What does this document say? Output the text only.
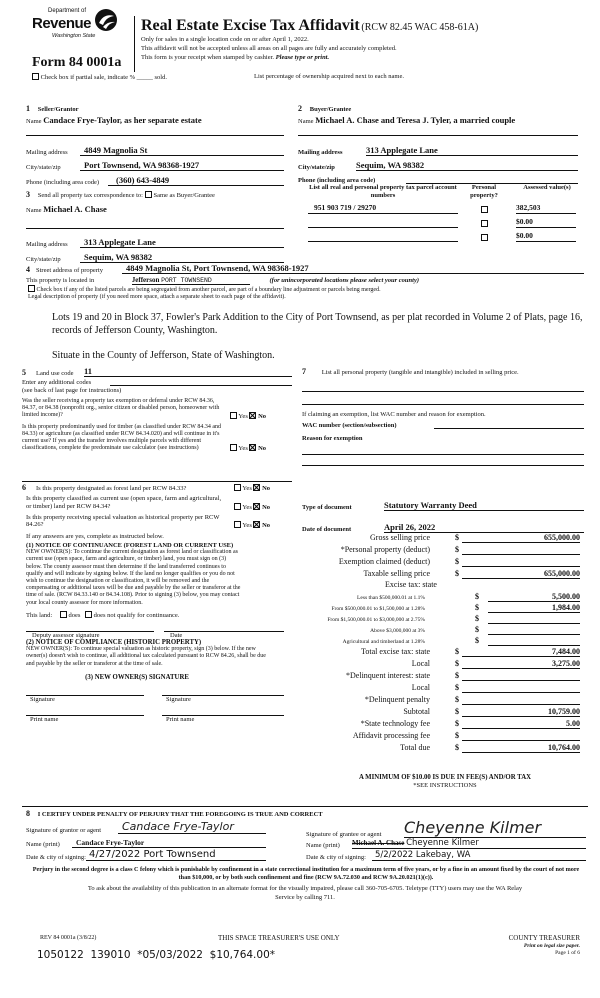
Department of
Revenue
Washington State
Form 84 0001a
Real Estate Excise Tax Affidavit (RCW 82.45 WAC 458-61A)
Only for sales in a single location code on or after April 1, 2022.
This affidavit will not be accepted unless all areas on all pages are fully and accurately completed.
This form is your receipt when stamped by cashier. Please type or print.
Check box if partial sale, indicate % _____ sold.	List percentage of ownership acquired next to each name.
1 Seller/Grantor
Name Candace Frye-Taylor, as her separate estate
Mailing address	4849 Magnolia St
City/state/zip	Port Townsend, WA 98368-1927
Phone (including area code)	(360) 643-4849
3 Send all property tax correspondence to: Same as Buyer/Grantee
Name Michael A. Chase
Mailing address	313 Applegate Lane
City/state/zip	Sequim, WA 98382
2 Buyer/Grantee
Name Michael A. Chase and Teresa J. Tyler, a married couple
Mailing address	313 Applegate Lane
City/state/zip	Sequim, WA 98382
Phone (including area code)
List all real and personal property tax parcel account numbers
Personal property?
Assessed value(s)
951 903 719 / 29270	382,503
$0.00
$0.00
4 Street address of property	4849 Magnolia St, Port Townsend, WA 98368-1927
This property is located in	Jefferson PORT TOWNSEND	(for unincorporated locations please select your county)
Check box if any of the listed parcels are being segregated from another parcel, are part of a boundary line adjustment or parcels being merged.
Legal description of property (if you need more space, attach a separate sheet to each page of the affidavit).
Lots 19 and 20 in Block 37, Fowler's Park Addition to the City of Port Townsend, as per plat recorded in Volume 2 of Plats, page 16, records of Jefferson County, Washington.
Situate in the County of Jefferson, State of Washington.
5	Land use code	11
Enter any additional codes
(see back of last page for instructions)
Was the seller receiving a property tax exemption or deferral under RCW 84.36, 84.37, or 84.38 (nonprofit org., senior citizen or disabled person, homeowner with limited income)?	Yes No
Is this property predominantly used for timber (as classified under RCW 84.34 and 84.33) or agriculture (as classified under RCW 84.34.020) and will continue in it's current use? If yes and the transfer involves multiple parcels with different classifications, complete the predominate use calculator (see instructions)	Yes No
6	Is this property designated as forest land per RCW 84.33?	Yes No
Is this property classified as current use (open space, farm and agricultural, or timber) land per RCW 84.34?	Yes No
Is this property receiving special valuation as historical property per RCW 84.26?	Yes No
If any answers are yes, complete as instructed below.
(1) NOTICE OF CONTINUANCE (FOREST LAND OR CURRENT USE)
NEW OWNER(S): To continue the current designation as forest land or classification as current use (open space, farm and agriculture, or timber) land, you must sign on (3) below. The county assessor must then determine if the land transferred continues to qualify and will indicate by signing below. If the land no longer qualifies or you do not wish to continue the designation or classification, it will be removed and the compensating or additional taxes will be due and payable by the seller or transferor at the time of sale. (RCW 84.33.140 or 84.34.108). Prior to signing (3) below, you may contact your local county assessor for more information.
This land:	does does not qualify for continuance.
Deputy assessor signature	Date
(2) NOTICE OF COMPLIANCE (HISTORIC PROPERTY)
NEW OWNER(S): To continue special valuation as historic property, sign (3) below. If the new owner(s) doesn't wish to continue, all additional tax calculated pursuant to RCW 84.26, shall be due and payable by the seller or transferor at the time of sale.
(3) NEW OWNER(S) SIGNATURE
Signature	Signature
Print name	Print name
7 List all personal property (tangible and intangible) included in selling price.
If claiming an exemption, list WAC number and reason for exemption.
WAC number (section/subsection)
Reason for exemption
Type of document	Statutory Warranty Deed
Date of document	April 26, 2022
Gross selling price	$	655,000.00
*Personal property (deduct)	$
Exemption claimed (deduct)	$
Taxable selling price	$	655,000.00
Excise tax: state
Less than $500,000.01 at 1.1%	$	5,500.00
From $500,000.01 to $1,500,000 at 1.28%	$	1,984.00
From $1,500,000.01 to $3,000,000 at 2.75%	$
Above $3,000,000 at 3%	$
Agricultural and timberland at 1.28%	$
Total excise tax: state	$	7,484.00
Local	$	3,275.00
*Delinquent interest: state	$
Local	$
*Delinquent penalty	$
Subtotal	$	10,759.00
*State technology fee	$	5.00
Affidavit processing fee	$
Total due	$	10,764.00
A MINIMUM OF $10.00 IS DUE IN FEE(S) AND/OR TAX
*SEE INSTRUCTIONS
8 I CERTIFY UNDER PENALTY OF PERJURY THAT THE FOREGOING IS TRUE AND CORRECT
Signature of grantor or agent	Candace Frye-Taylor
Name (print)	Candace Frye-Taylor
Date & city of signing: 4/27/2022 Port Townsend
Signature of grantee or agent	Cheyenne Kilmer
Name (print)	Michael A. Chase Cheyenne Kilmer
Date & city of signing:	5/2/2022 Lakebay, WA
Perjury in the second degree is a class C felony which is punishable by confinement in a state correctional institution for a maximum term of five years, or by a fine in an amount fixed by the court of not more than $10,000, or by both such confinement and fine (RCW 9A.72.030 and RCW 9A.20.021(1)(c)).
To ask about the availability of this publication in an alternate format for the visually impaired, please call 360-705-6705. Teletype (TTY) users may use the WA Relay Service by calling 711.
REV 84 0001a (3/8/22)	THIS SPACE TREASURER'S USE ONLY	COUNTY TREASURER
Print on legal size paper.
Page 1 of 6
1050122  139010  *05/03/2022  $10,764.00*
